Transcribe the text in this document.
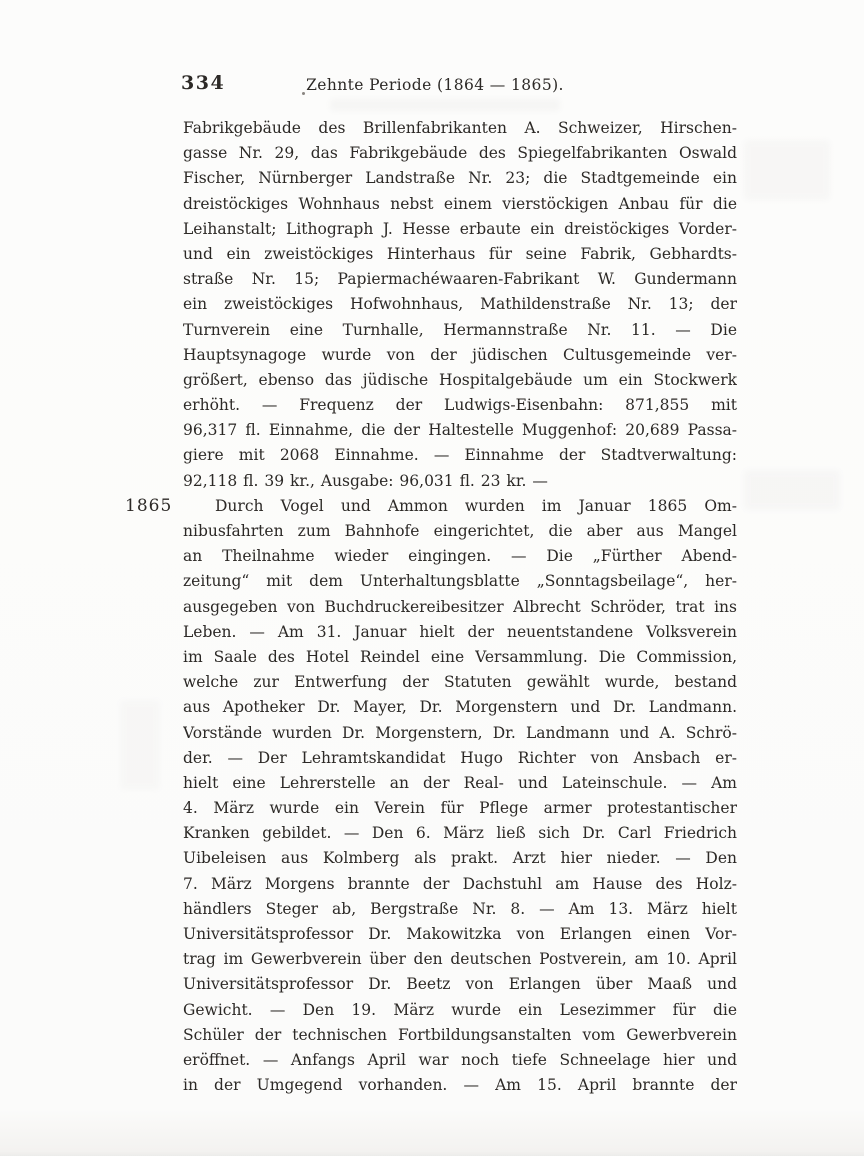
334	Zehnte Periode (1864 — 1865).
1865
Fabrikgebäude des Brillenfabrikanten A. Schweizer, Hirschen-
gasse Nr. 29, das Fabrikgebäude des Spiegelfabrikanten Oswald
Fischer, Nürnberger Landstraße Nr. 23; die Stadtgemeinde ein
dreistöckiges Wohnhaus nebst einem vierstöckigen Anbau für die
Leihanstalt; Lithograph J. Hesse erbaute ein dreistöckiges Vorder-
und ein zweistöckiges Hinterhaus für seine Fabrik, Gebhardts-
straße Nr. 15; Papiermachéwaaren-Fabrikant W. Gundermann
ein zweistöckiges Hofwohnhaus, Mathildenstraße Nr. 13; der
Turnverein eine Turnhalle, Hermannstraße Nr. 11. — Die
Hauptsynagoge wurde von der jüdischen Cultusgemeinde ver-
größert, ebenso das jüdische Hospitalgebäude um ein Stockwerk
erhöht. — Frequenz der Ludwigs-Eisenbahn: 871,855 mit
96,317 fl. Einnahme, die der Haltestelle Muggenhof: 20,689 Passa-
giere mit 2068 Einnahme. — Einnahme der Stadtverwaltung:
92,118 fl. 39 kr., Ausgabe: 96,031 fl. 23 kr. —
Durch Vogel und Ammon wurden im Januar 1865 Om-
nibusfahrten zum Bahnhofe eingerichtet, die aber aus Mangel
an Theilnahme wieder eingingen. — Die „Fürther Abend-
zeitung“ mit dem Unterhaltungsblatte „Sonntagsbeilage“, her-
ausgegeben von Buchdruckereibesitzer Albrecht Schröder, trat ins
Leben. — Am 31. Januar hielt der neuentstandene Volksverein
im Saale des Hotel Reindel eine Versammlung. Die Commission,
welche zur Entwerfung der Statuten gewählt wurde, bestand
aus Apotheker Dr. Mayer, Dr. Morgenstern und Dr. Landmann.
Vorstände wurden Dr. Morgenstern, Dr. Landmann und A. Schrö-
der. — Der Lehramtskandidat Hugo Richter von Ansbach er-
hielt eine Lehrerstelle an der Real- und Lateinschule. — Am
4. März wurde ein Verein für Pflege armer protestantischer
Kranken gebildet. — Den 6. März ließ sich Dr. Carl Friedrich
Uibeleisen aus Kolmberg als prakt. Arzt hier nieder. — Den
7. März Morgens brannte der Dachstuhl am Hause des Holz-
händlers Steger ab, Bergstraße Nr. 8. — Am 13. März hielt
Universitätsprofessor Dr. Makowitzka von Erlangen einen Vor-
trag im Gewerbverein über den deutschen Postverein, am 10. April
Universitätsprofessor Dr. Beetz von Erlangen über Maaß und
Gewicht. — Den 19. März wurde ein Lesezimmer für die
Schüler der technischen Fortbildungsanstalten vom Gewerbverein
eröffnet. — Anfangs April war noch tiefe Schneelage hier und
in der Umgegend vorhanden. — Am 15. April brannte der
